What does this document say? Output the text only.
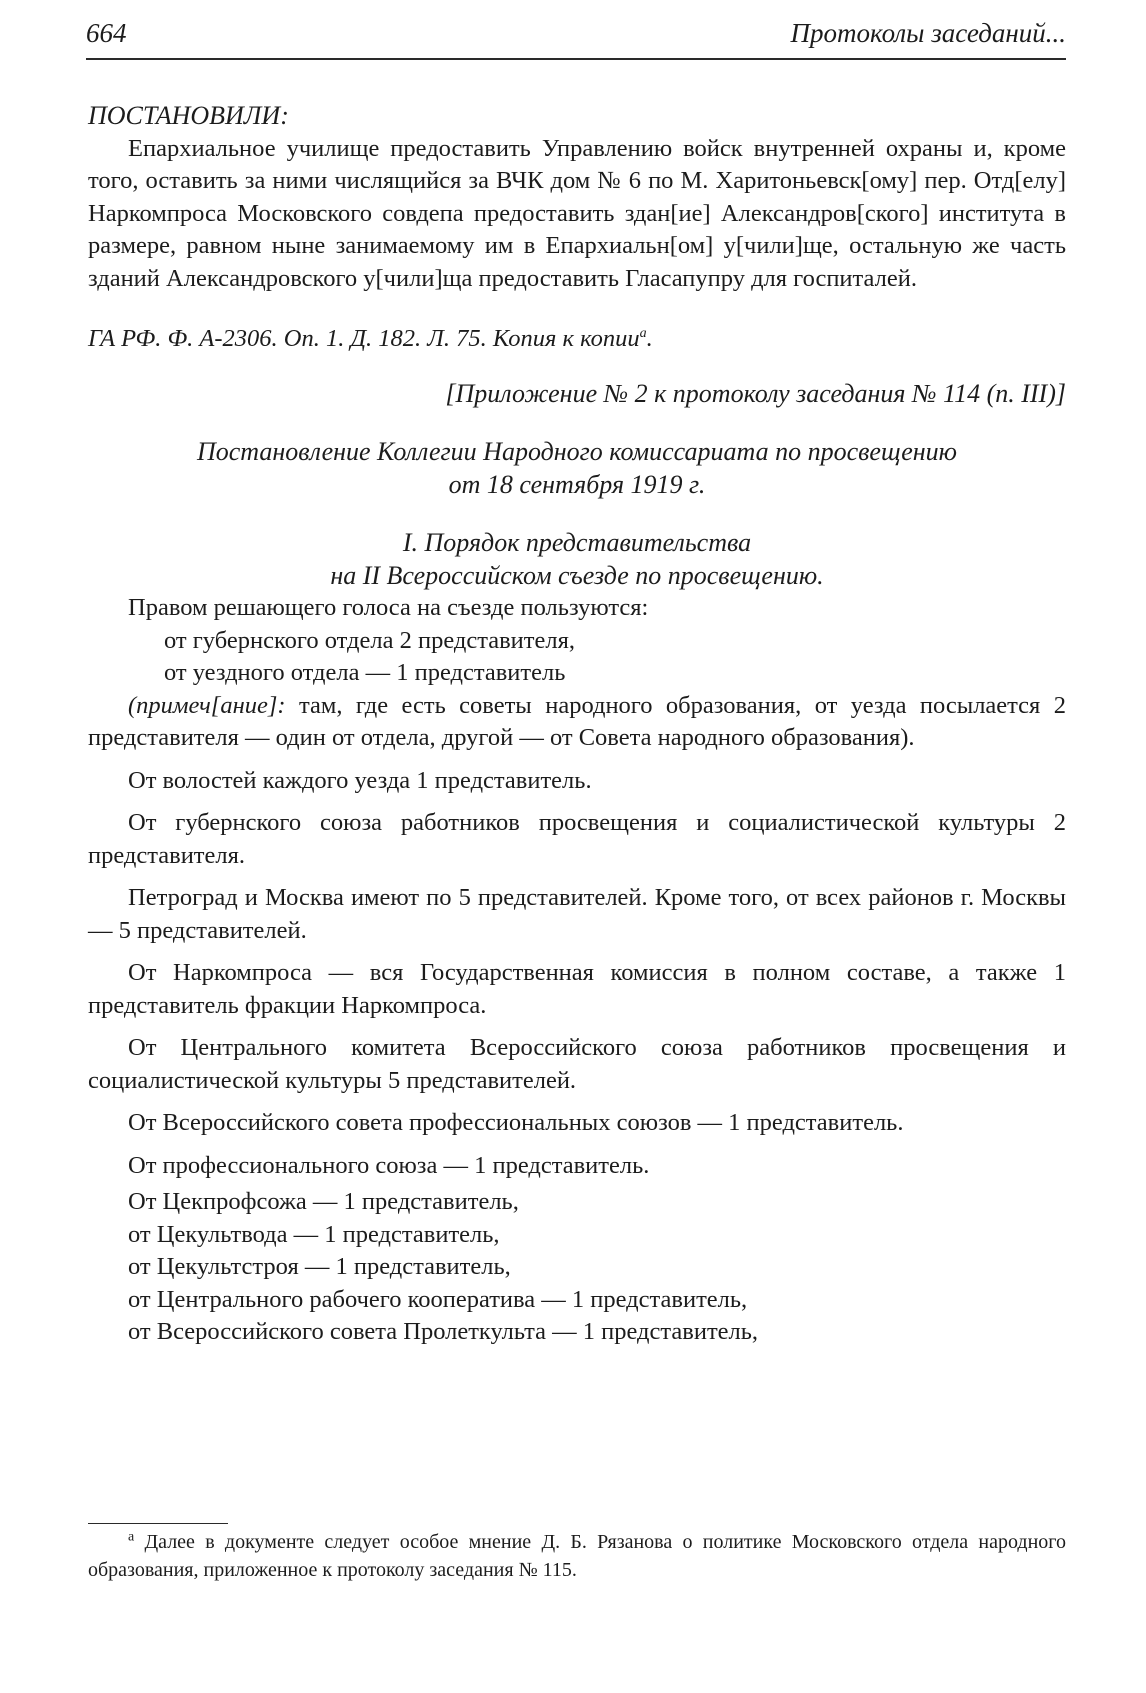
664	Протоколы заседаний...

ПОСТАНОВИЛИ:

Епархиальное училище предоставить Управлению войск внутренней охраны и, кроме того, оставить за ними числящийся за ВЧК дом № 6 по М. Харитоньевск[ому] пер. Отд[елу] Наркомпроса Московского совдепа предоставить здан[ие] Александров[ского] института в размере, равном ныне занимаемому им в Епархиальн[ом] у[чили]ще, остальную же часть зданий Александровского у[чили]ща предоставить Гласапупру для госпиталей.

ГА РФ. Ф. А-2306. Оп. 1. Д. 182. Л. 75. Копия к копии$^а$.

[Приложение № 2 к протоколу заседания № 114 (п. III)]

Постановление Коллегии Народного комиссариата по просвещению

от 18 сентября 1919 г.

I. Порядок представительства

на II Всероссийском съезде по просвещению.

Правом решающего голоса на съезде пользуются:

от губернского отдела 2 представителя,

от уездного отдела — 1 представитель

(примеч[ание]: там, где есть советы народного образования, от уезда посылается 2 представителя — один от отдела, другой — от Совета народного образования).

От волостей каждого уезда 1 представитель.

От губернского союза работников просвещения и социалистической культуры 2 представителя.

Петроград и Москва имеют по 5 представителей. Кроме того, от всех районов г. Москвы — 5 представителей.

От Наркомпроса — вся Государственная комиссия в полном составе, а также 1 представитель фракции Наркомпроса.

От Центрального комитета Всероссийского союза работников просвещения и социалистической культуры 5 представителей.

От Всероссийского совета профессиональных союзов — 1 представитель.

От профессионального союза — 1 представитель.

От Цекпрофсожа — 1 представитель,

от Цекультвода — 1 представитель,

от Цекультстроя — 1 представитель,

от Центрального рабочего кооператива — 1 представитель,

от Всероссийского совета Пролеткульта — 1 представитель,

$^а$ Далее в документе следует особое мнение Д. Б. Рязанова о политике Московского отдела народного образования, приложенное к протоколу заседания № 115.
